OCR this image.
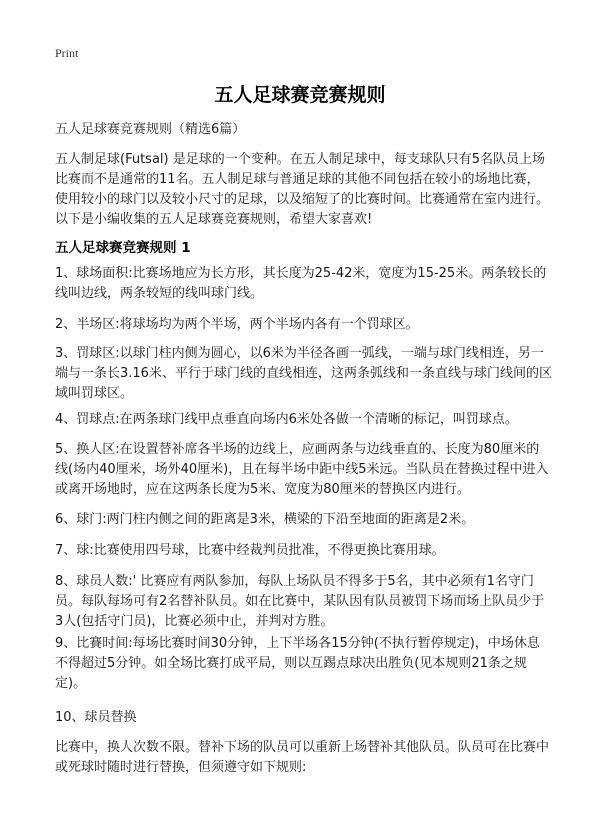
Print
五人足球赛竞赛规则
五人足球赛竞赛规则（精选6篇）

五人制足球(Futsal) 是足球的一个变种。在五人制足球中，每支球队只有5名队员上场比赛而不是通常的11名。五人制足球与普通足球的其他不同包括在较小的场地比赛，使用较小的球门以及较小尺寸的足球，以及缩短了的比赛时间。比赛通常在室内进行。以下是小编收集的五人足球赛竞赛规则，希望大家喜欢!

五人足球赛竞赛规则 1

1、球场面积:比赛场地应为长方形，其长度为25-42米，宽度为15-25米。两条较长的线叫边线，两条较短的线叫球门线。

2、半场区:将球场均为两个半场，两个半场内各有一个罚球区。

3、罚球区:以球门柱内侧为圆心，以6米为半径各画一弧线，一端与球门线相连，另一端与一条长3.16米、平行于球门线的直线相连，这两条弧线和一条直线与球门线间的区域叫罚球区。

4、罚球点:在两条球门线甲点垂直向场内6米处各做一个清晰的标记，叫罚球点。

5、换人区:在设置替补席各半场的边线上，应画两条与边线垂直的、长度为80厘米的线(场内40厘米，场外40厘米)，且在每半场中距中线5米远。当队员在替换过程中进入或离开场地时，应在这两条长度为5米、宽度为80厘米的替换区内进行。

6、球门:两门柱内侧之间的距离是3米，横梁的下沿至地面的距离是2米。

7、球:比赛使用四号球，比赛中经裁判员批准，不得更换比赛用球。

8、球员人数:' 比赛应有两队参加，每队上场队员不得多于5名，其中必须有1名守门员。每队每场可有2名替补队员。如在比赛中，某队因有队员被罚下场而场上队员少于3人(包括守门员)，比赛必须中止，并判对方胜。

9、比賽时间:每场比赛时间30分钟，上下半场各15分钟(不执行暂停规定)，中场休息不得超过5分钟。如全场比赛打成平局，则以互踢点球决出胜负(见本规则21条之规定)。

10、球员替换

比赛中，换人次数不限。替补下场的队员可以重新上场替补其他队员。队员可在比赛中或死球时随时进行替换，但须遵守如下规则:
